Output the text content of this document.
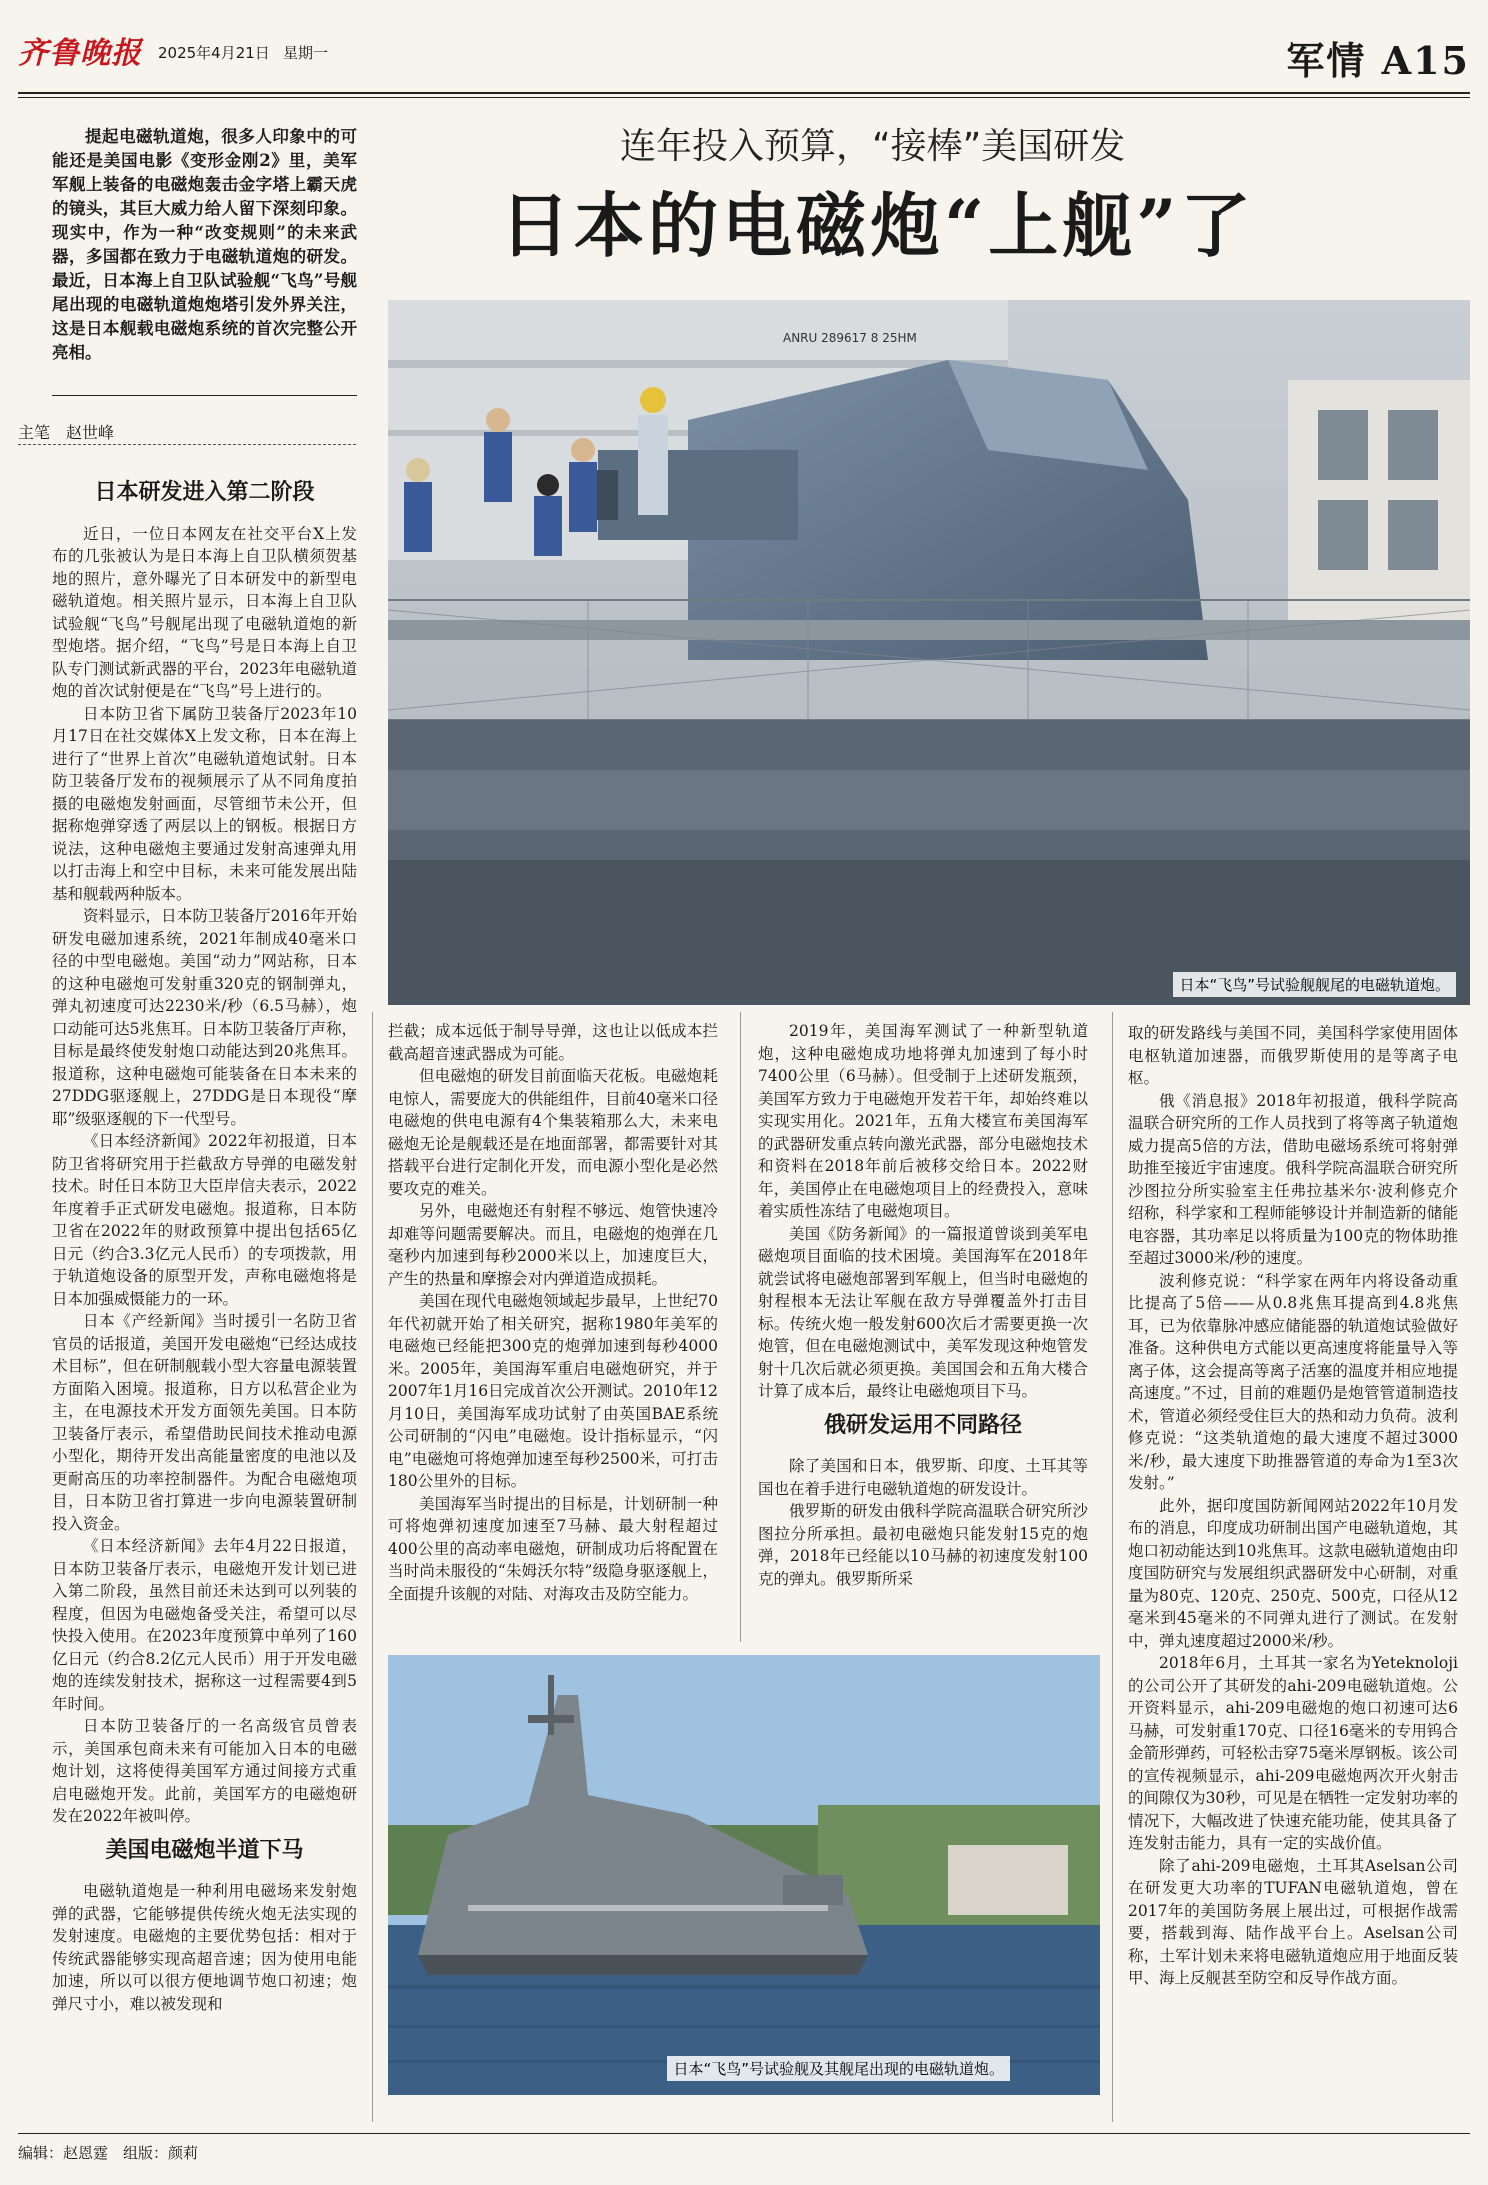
齐鲁晚报 2025年4月21日 星期一	军情 A15
提起电磁轨道炮，很多人印象中的可能还是美国电影《变形金刚2》里，美军军舰上装备的电磁炮轰击金字塔上霸天虎的镜头，其巨大威力给人留下深刻印象。现实中，作为一种“改变规则”的未来武器，多国都在致力于电磁轨道炮的研发。最近，日本海上自卫队试验舰“飞鸟”号舰尾出现的电磁轨道炮炮塔引发外界关注，这是日本舰载电磁炮系统的首次完整公开亮相。
主笔　赵世峰
连年投入预算，“接棒”美国研发
日本的电磁炮“上舰”了
ANRU 289617 8 25HM
日本“飞鸟”号试验舰舰尾的电磁轨道炮。
日本研发进入第二阶段

近日，一位日本网友在社交平台X上发布的几张被认为是日本海上自卫队横须贺基地的照片，意外曝光了日本研发中的新型电磁轨道炮。相关照片显示，日本海上自卫队试验舰“飞鸟”号舰尾出现了电磁轨道炮的新型炮塔。据介绍，“飞鸟”号是日本海上自卫队专门测试新武器的平台，2023年电磁轨道炮的首次试射便是在“飞鸟”号上进行的。

日本防卫省下属防卫装备厅2023年10月17日在社交媒体X上发文称，日本在海上进行了“世界上首次”电磁轨道炮试射。日本防卫装备厅发布的视频展示了从不同角度拍摄的电磁炮发射画面，尽管细节未公开，但据称炮弹穿透了两层以上的钢板。根据日方说法，这种电磁炮主要通过发射高速弹丸用以打击海上和空中目标，未来可能发展出陆基和舰载两种版本。

资料显示，日本防卫装备厅2016年开始研发电磁加速系统，2021年制成40毫米口径的中型电磁炮。美国“动力”网站称，日本的这种电磁炮可发射重320克的钢制弹丸，弹丸初速度可达2230米/秒（6.5马赫），炮口动能可达5兆焦耳。日本防卫装备厅声称，目标是最终使发射炮口动能达到20兆焦耳。报道称，这种电磁炮可能装备在日本未来的27DDG驱逐舰上，27DDG是日本现役“摩耶”级驱逐舰的下一代型号。

《日本经济新闻》2022年初报道，日本防卫省将研究用于拦截敌方导弹的电磁发射技术。时任日本防卫大臣岸信夫表示，2022年度着手正式研发电磁炮。报道称，日本防卫省在2022年的财政预算中提出包括65亿日元（约合3.3亿元人民币）的专项拨款，用于轨道炮设备的原型开发，声称电磁炮将是日本加强威慑能力的一环。

日本《产经新闻》当时援引一名防卫省官员的话报道，美国开发电磁炮“已经达成技术目标”，但在研制舰载小型大容量电源装置方面陷入困境。报道称，日方以私营企业为主，在电源技术开发方面领先美国。日本防卫装备厅表示，希望借助民间技术推动电源小型化，期待开发出高能量密度的电池以及更耐高压的功率控制器件。为配合电磁炮项目，日本防卫省打算进一步向电源装置研制投入资金。

《日本经济新闻》去年4月22日报道，日本防卫装备厅表示，电磁炮开发计划已进入第二阶段，虽然目前还未达到可以列装的程度，但因为电磁炮备受关注，希望可以尽快投入使用。在2023年度预算中单列了160亿日元（约合8.2亿元人民币）用于开发电磁炮的连续发射技术，据称这一过程需要4到5年时间。

日本防卫装备厅的一名高级官员曾表示，美国承包商未来有可能加入日本的电磁炮计划，这将使得美国军方通过间接方式重启电磁炮开发。此前，美国军方的电磁炮研发在2022年被叫停。

美国电磁炮半道下马

电磁轨道炮是一种利用电磁场来发射炮弹的武器，它能够提供传统火炮无法实现的发射速度。电磁炮的主要优势包括：相对于传统武器能够实现高超音速；因为使用电能加速，所以可以很方便地调节炮口初速；炮弹尺寸小，难以被发现和

拦截；成本远低于制导导弹，这也让以低成本拦截高超音速武器成为可能。

但电磁炮的研发目前面临天花板。电磁炮耗电惊人，需要庞大的供能组件，目前40毫米口径电磁炮的供电电源有4个集装箱那么大，未来电磁炮无论是舰载还是在地面部署，都需要针对其搭载平台进行定制化开发，而电源小型化是必然要攻克的难关。

另外，电磁炮还有射程不够远、炮管快速冷却难等问题需要解决。而且，电磁炮的炮弹在几毫秒内加速到每秒2000米以上，加速度巨大，产生的热量和摩擦会对内弹道造成损耗。

美国在现代电磁炮领域起步最早，上世纪70年代初就开始了相关研究，据称1980年美军的电磁炮已经能把300克的炮弹加速到每秒4000米。2005年，美国海军重启电磁炮研究，并于2007年1月16日完成首次公开测试。2010年12月10日，美国海军成功试射了由英国BAE系统公司研制的“闪电”电磁炮。设计指标显示，“闪电”电磁炮可将炮弹加速至每秒2500米，可打击180公里外的目标。

美国海军当时提出的目标是，计划研制一种可将炮弹初速度加速至7马赫、最大射程超过400公里的高动率电磁炮，研制成功后将配置在当时尚未服役的“朱姆沃尔特”级隐身驱逐舰上，全面提升该舰的对陆、对海攻击及防空能力。

2019年，美国海军测试了一种新型轨道炮，这种电磁炮成功地将弹丸加速到了每小时7400公里（6马赫）。但受制于上述研发瓶颈，美国军方致力于电磁炮开发若干年，却始终难以实现实用化。2021年，五角大楼宣布美国海军的武器研发重点转向激光武器，部分电磁炮技术和资料在2018年前后被移交给日本。2022财年，美国停止在电磁炮项目上的经费投入，意味着实质性冻结了电磁炮项目。

美国《防务新闻》的一篇报道曾谈到美军电磁炮项目面临的技术困境。美国海军在2018年就尝试将电磁炮部署到军舰上，但当时电磁炮的射程根本无法让军舰在敌方导弹覆盖外打击目标。传统火炮一般发射600次后才需要更换一次炮管，但在电磁炮测试中，美军发现这种炮管发射十几次后就必须更换。美国国会和五角大楼合计算了成本后，最终让电磁炮项目下马。

俄研发运用不同路径

除了美国和日本，俄罗斯、印度、土耳其等国也在着手进行电磁轨道炮的研发设计。

俄罗斯的研发由俄科学院高温联合研究所沙图拉分所承担。最初电磁炮只能发射15克的炮弹，2018年已经能以10马赫的初速度发射100克的弹丸。俄罗斯所采

取的研发路线与美国不同，美国科学家使用固体电枢轨道加速器，而俄罗斯使用的是等离子电枢。

俄《消息报》2018年初报道，俄科学院高温联合研究所的工作人员找到了将等离子轨道炮威力提高5倍的方法，借助电磁场系统可将射弹助推至接近宇宙速度。俄科学院高温联合研究所沙图拉分所实验室主任弗拉基米尔·波利修克介绍称，科学家和工程师能够设计并制造新的储能电容器，其功率足以将质量为100克的物体助推至超过3000米/秒的速度。

波利修克说：“科学家在两年内将设备动重比提高了5倍——从0.8兆焦耳提高到4.8兆焦耳，已为依靠脉冲感应储能器的轨道炮试验做好准备。这种供电方式能以更高速度将能量导入等离子体，这会提高等离子活塞的温度并相应地提高速度。”不过，目前的难题仍是炮管管道制造技术，管道必须经受住巨大的热和动力负荷。波利修克说：“这类轨道炮的最大速度不超过3000米/秒，最大速度下助推器管道的寿命为1至3次发射。”

此外，据印度国防新闻网站2022年10月发布的消息，印度成功研制出国产电磁轨道炮，其炮口初动能达到10兆焦耳。这款电磁轨道炮由印度国防研究与发展组织武器研发中心研制，对重量为80克、120克、250克、500克，口径从12毫米到45毫米的不同弹丸进行了测试。在发射中，弹丸速度超过2000米/秒。

2018年6月，土耳其一家名为Yeteknoloji的公司公开了其研发的ahi-209电磁轨道炮。公开资料显示，ahi-209电磁炮的炮口初速可达6马赫，可发射重170克、口径16毫米的专用钨合金箭形弹药，可轻松击穿75毫米厚钢板。该公司的宣传视频显示，ahi-209电磁炮两次开火射击的间隙仅为30秒，可见是在牺牲一定发射功率的情况下，大幅改进了快速充能功能，使其具备了连发射击能力，具有一定的实战价值。

除了ahi-209电磁炮，土耳其Aselsan公司在研发更大功率的TUFAN电磁轨道炮，曾在2017年的美国防务展上展出过，可根据作战需要，搭载到海、陆作战平台上。Aselsan公司称，土军计划未来将电磁轨道炮应用于地面反装甲、海上反舰甚至防空和反导作战方面。

日本“飞鸟”号试验舰及其舰尾出现的电磁轨道炮。
编辑：赵恩霆　组版：颜莉
